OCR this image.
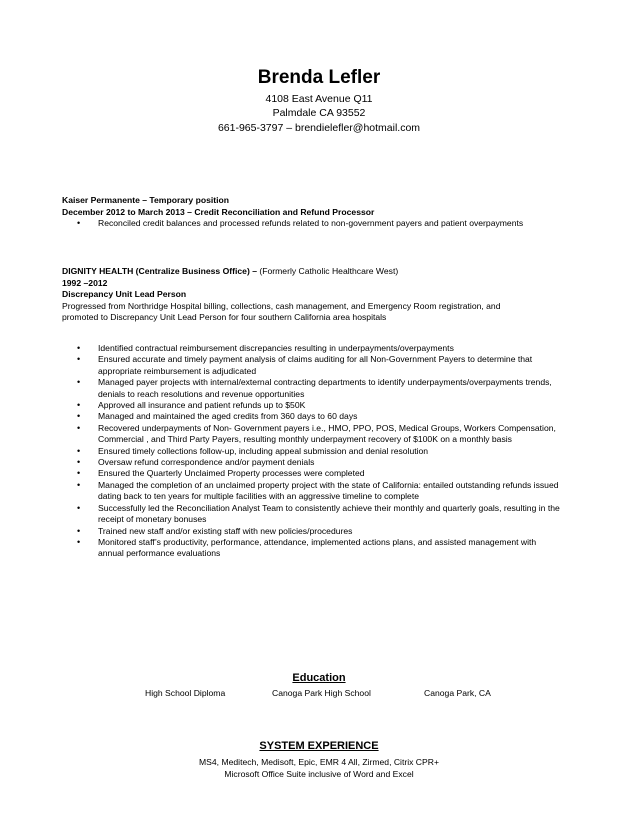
Brenda Lefler
4108 East Avenue Q11
Palmdale CA 93552
661-965-3797 – brendielefler@hotmail.com
Kaiser Permanente – Temporary position
December 2012 to March 2013 – Credit Reconciliation and Refund Processor
• Reconciled credit balances and processed refunds related to non-government payers and patient overpayments
DIGNITY HEALTH (Centralize Business Office) – (Formerly Catholic Healthcare West)
1992 –2012
Discrepancy Unit Lead Person
Progressed from Northridge Hospital billing, collections, cash management, and Emergency Room registration, and
promoted to Discrepancy Unit Lead Person for four southern California area hospitals
• Identified contractual reimbursement discrepancies resulting in underpayments/overpayments
• Ensured accurate and timely payment analysis of claims auditing for all Non-Government Payers to determine that appropriate reimbursement is adjudicated
• Managed payer projects with internal/external contracting departments to identify underpayments/overpayments trends, denials to reach resolutions and revenue opportunities
• Approved all insurance and patient refunds up to $50K
• Managed and maintained the aged credits from 360 days to 60 days
• Recovered underpayments of Non- Government payers i.e., HMO, PPO, POS, Medical Groups, Workers Compensation, Commercial , and Third Party Payers, resulting monthly underpayment recovery of $100K on a monthly basis
• Ensured timely collections follow-up, including appeal submission and denial resolution
• Oversaw refund correspondence and/or payment denials
• Ensured the Quarterly Unclaimed Property processes were completed
• Managed the completion of an unclaimed property project with the state of California: entailed outstanding refunds issued dating back to ten years for multiple facilities with an aggressive timeline to complete
• Successfully led the Reconciliation Analyst Team to consistently achieve their monthly and quarterly goals, resulting in the receipt of monetary bonuses
• Trained new staff and/or existing staff with new policies/procedures
• Monitored staff’s productivity, performance, attendance, implemented actions plans, and assisted management with annual performance evaluations
Education
High School Diploma	Canoga Park High School	Canoga Park, CA
SYSTEM EXPERIENCE
MS4, Meditech, Medisoft, Epic, EMR 4 All, Zirmed, Citrix CPR+
Microsoft Office Suite inclusive of Word and Excel
